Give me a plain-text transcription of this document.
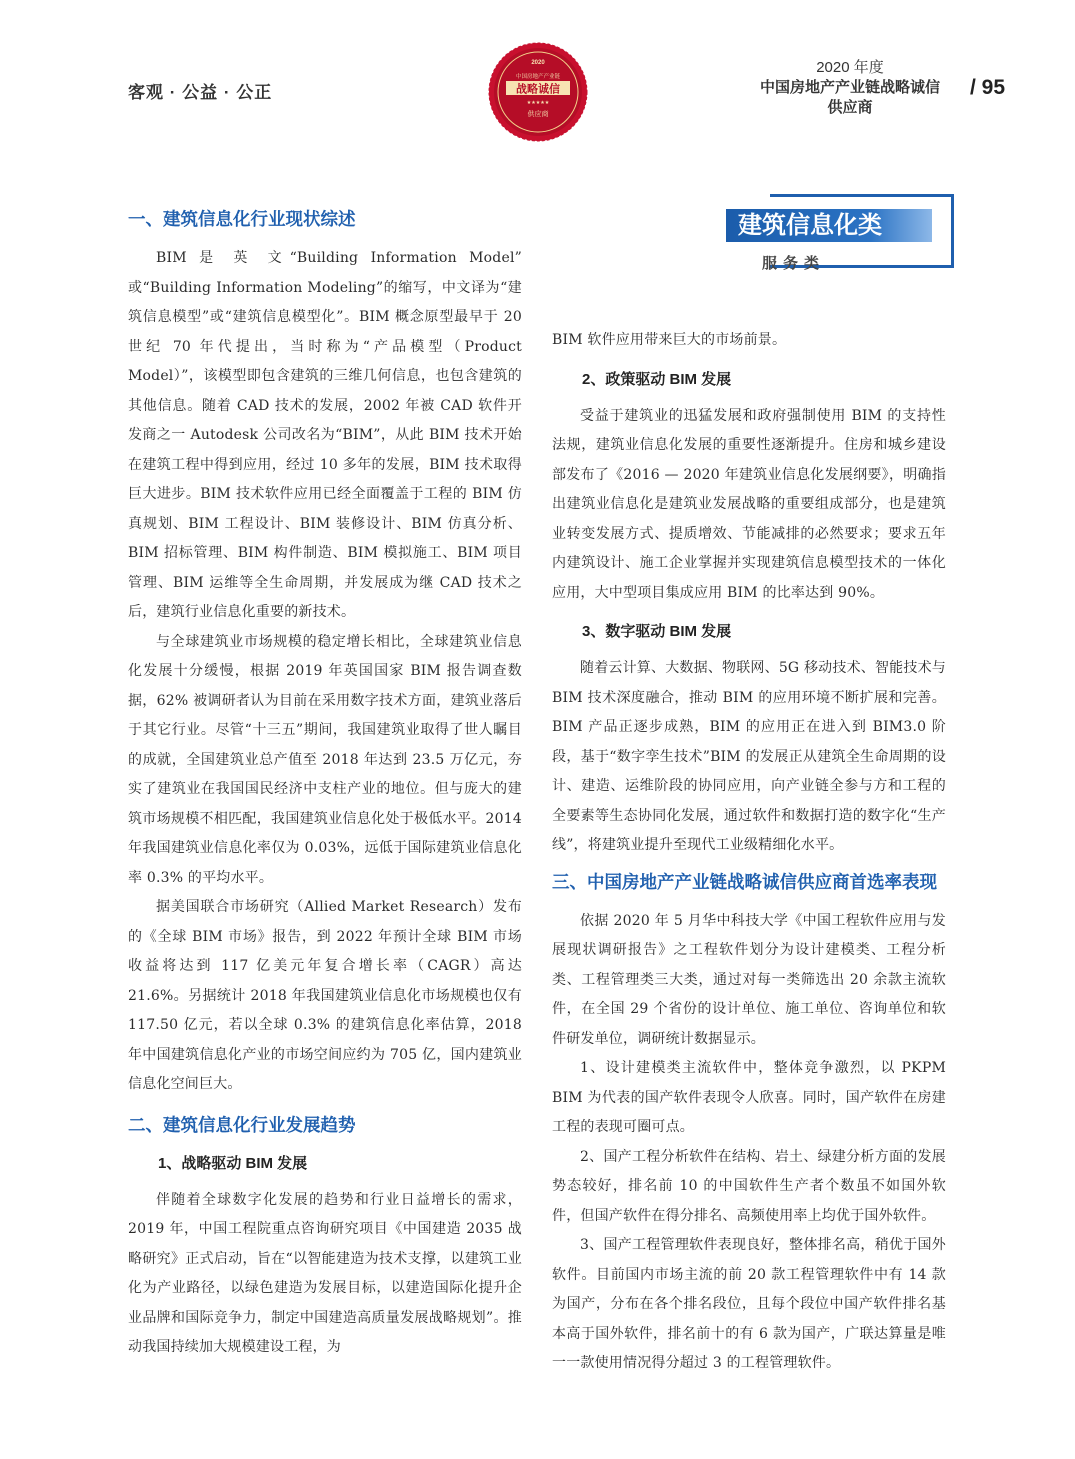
客观 · 公益 · 公正
2020
中国房地产产业链
战略诚信
★★★★★
供应商
2020 年度
中国房地产产业链战略诚信
供应商
/ 95
建筑信息化类
服务类
一、建筑信息化行业现状综述

BIM 是 英 文“Building Information Model” 或“Building Information Modeling”的缩写，中文译为“建筑信息模型”或“建筑信息模型化”。BIM 概念原型最早于 20 世纪 70 年代提出，当时称为“产品模型（Product Model）”，该模型即包含建筑的三维几何信息，也包含建筑的其他信息。随着 CAD 技术的发展，2002 年被 CAD 软件开发商之一 Autodesk 公司改名为“BIM”，从此 BIM 技术开始在建筑工程中得到应用，经过 10 多年的发展，BIM 技术取得巨大进步。BIM 技术软件应用已经全面覆盖于工程的 BIM 仿真规划、BIM 工程设计、BIM 装修设计、BIM 仿真分析、BIM 招标管理、BIM 构件制造、BIM 模拟施工、BIM 项目管理、BIM 运维等全生命周期，并发展成为继 CAD 技术之后，建筑行业信息化重要的新技术。

与全球建筑业市场规模的稳定增长相比，全球建筑业信息化发展十分缓慢，根据 2019 年英国国家 BIM 报告调查数据，62% 被调研者认为目前在采用数字技术方面，建筑业落后于其它行业。尽管“十三五”期间，我国建筑业取得了世人瞩目的成就，全国建筑业总产值至 2018 年达到 23.5 万亿元，夯实了建筑业在我国国民经济中支柱产业的地位。但与庞大的建筑市场规模不相匹配，我国建筑业信息化处于极低水平。2014 年我国建筑业信息化率仅为 0.03%，远低于国际建筑业信息化率 0.3% 的平均水平。

据美国联合市场研究（Allied Market Research）发布的《全球 BIM 市场》报告，到 2022 年预计全球 BIM 市场收益将达到 117 亿美元年复合增长率（CAGR）高达 21.6%。另据统计 2018 年我国建筑业信息化市场规模也仅有 117.50 亿元，若以全球 0.3% 的建筑信息化率估算，2018 年中国建筑信息化产业的市场空间应约为 705 亿，国内建筑业信息化空间巨大。

二、建筑信息化行业发展趋势
1、战略驱动 BIM 发展

伴随着全球数字化发展的趋势和行业日益增长的需求，2019 年，中国工程院重点咨询研究项目《中国建造 2035 战略研究》正式启动，旨在“以智能建造为技术支撑，以建筑工业化为产业路径，以绿色建造为发展目标，以建造国际化提升企业品牌和国际竞争力，制定中国建造高质量发展战略规划”。推动我国持续加大规模建设工程，为

BIM 软件应用带来巨大的市场前景。

2、政策驱动 BIM 发展

受益于建筑业的迅猛发展和政府强制使用 BIM 的支持性法规，建筑业信息化发展的重要性逐渐提升。住房和城乡建设部发布了《2016 — 2020 年建筑业信息化发展纲要》，明确指出建筑业信息化是建筑业发展战略的重要组成部分，也是建筑业转变发展方式、提质增效、节能减排的必然要求；要求五年内建筑设计、施工企业掌握并实现建筑信息模型技术的一体化应用，大中型项目集成应用 BIM 的比率达到 90%。

3、数字驱动 BIM 发展

随着云计算、大数据、物联网、5G 移动技术、智能技术与 BIM 技术深度融合，推动 BIM 的应用环境不断扩展和完善。BIM 产品正逐步成熟，BIM 的应用正在进入到 BIM3.0 阶段，基于“数字孪生技术”BIM 的发展正从建筑全生命周期的设计、建造、运维阶段的协同应用，向产业链全参与方和工程的全要素等生态协同化发展，通过软件和数据打造的数字化“生产线”，将建筑业提升至现代工业级精细化水平。

三、中国房地产产业链战略诚信供应商首选率表现

依据 2020 年 5 月华中科技大学《中国工程软件应用与发展现状调研报告》之工程软件划分为设计建模类、工程分析类、工程管理类三大类，通过对每一类筛选出 20 余款主流软件，在全国 29 个省份的设计单位、施工单位、咨询单位和软件研发单位，调研统计数据显示。

1、设计建模类主流软件中，整体竞争激烈，以 PKPM BIM 为代表的国产软件表现令人欣喜。同时，国产软件在房建工程的表现可圈可点。

2、国产工程分析软件在结构、岩土、绿建分析方面的发展势态较好，排名前 10 的中国软件生产者个数虽不如国外软件，但国产软件在得分排名、高频使用率上均优于国外软件。

3、国产工程管理软件表现良好，整体排名高，稍优于国外软件。目前国内市场主流的前 20 款工程管理软件中有 14 款为国产，分布在各个排名段位，且每个段位中国产软件排名基本高于国外软件，排名前十的有 6 款为国产，广联达算量是唯一一款使用情况得分超过 3 的工程管理软件。
